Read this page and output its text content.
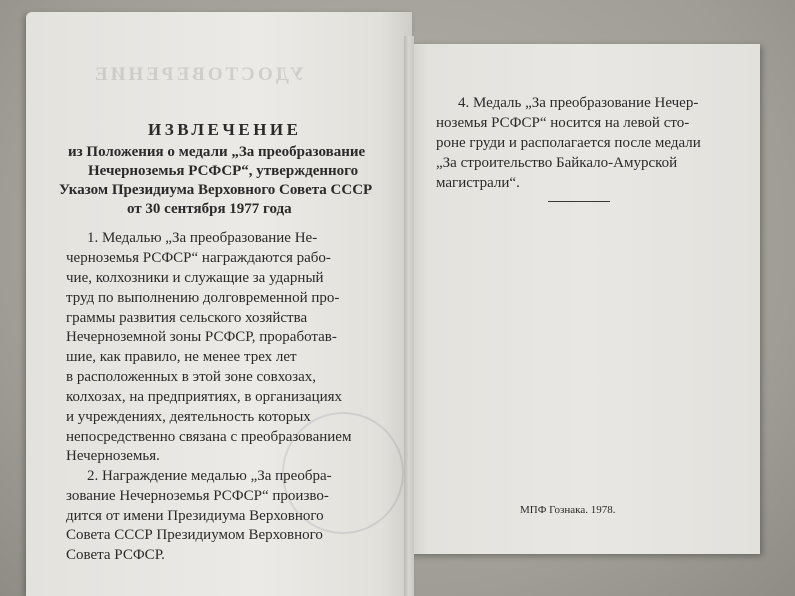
УДОСТОВЕРЕНИЕ
ИЗВЛЕЧЕНИЕ
из Положения о медали „За преобразование
Нечерноземья РСФСР“, утвержденного
Указом Президиума Верховного Совета СССР
от 30 сентября 1977 года
1. Медалью „За преобразование Не-
черноземья РСФСР“ награждаются рабо-
чие, колхозники и служащие за ударный
труд по выполнению долговременной про-
граммы развития сельского хозяйства
Нечерноземной зоны РСФСР, проработав-
шие, как правило, не менее трех лет
в расположенных в этой зоне совхозах,
колхозах, на предприятиях, в организациях
и учреждениях, деятельность которых
непосредственно связана с преобразованием
Нечерноземья.
2. Награждение медалью „За преобра-
зование Нечерноземья РСФСР“ произво-
дится от имени Президиума Верховного
Совета СССР Президиумом Верховного
Совета РСФСР.
4. Медаль „За преобразование Нечер-
ноземья РСФСР“ носится на левой сто-
роне груди и располагается после медали
„За строительство Байкало-Амурской
магистрали“.
МПФ Гознака. 1978.
